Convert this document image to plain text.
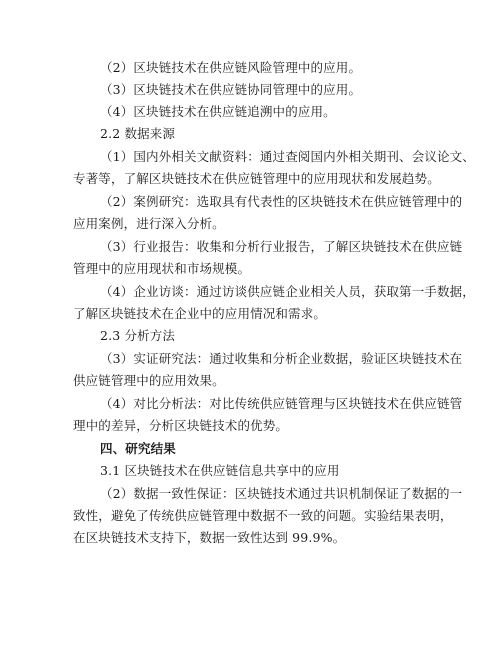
（2）区块链技术在供应链风险管理中的应用。
（3）区块链技术在供应链协同管理中的应用。
（4）区块链技术在供应链追溯中的应用。
2.2 数据来源
（1）国内外相关文献资料：通过查阅国内外相关期刊、会议论文、
专著等，了解区块链技术在供应链管理中的应用现状和发展趋势。
（2）案例研究：选取具有代表性的区块链技术在供应链管理中的
应用案例，进行深入分析。
（3）行业报告：收集和分析行业报告，了解区块链技术在供应链
管理中的应用现状和市场规模。
（4）企业访谈：通过访谈供应链企业相关人员，获取第一手数据，
了解区块链技术在企业中的应用情况和需求。
2.3 分析方法
（3）实证研究法：通过收集和分析企业数据，验证区块链技术在
供应链管理中的应用效果。
（4）对比分析法：对比传统供应链管理与区块链技术在供应链管
理中的差异，分析区块链技术的优势。
四、研究结果
3.1 区块链技术在供应链信息共享中的应用
（2）数据一致性保证：区块链技术通过共识机制保证了数据的一
致性，避免了传统供应链管理中数据不一致的问题。实验结果表明，
在区块链技术支持下，数据一致性达到 99.9%。
